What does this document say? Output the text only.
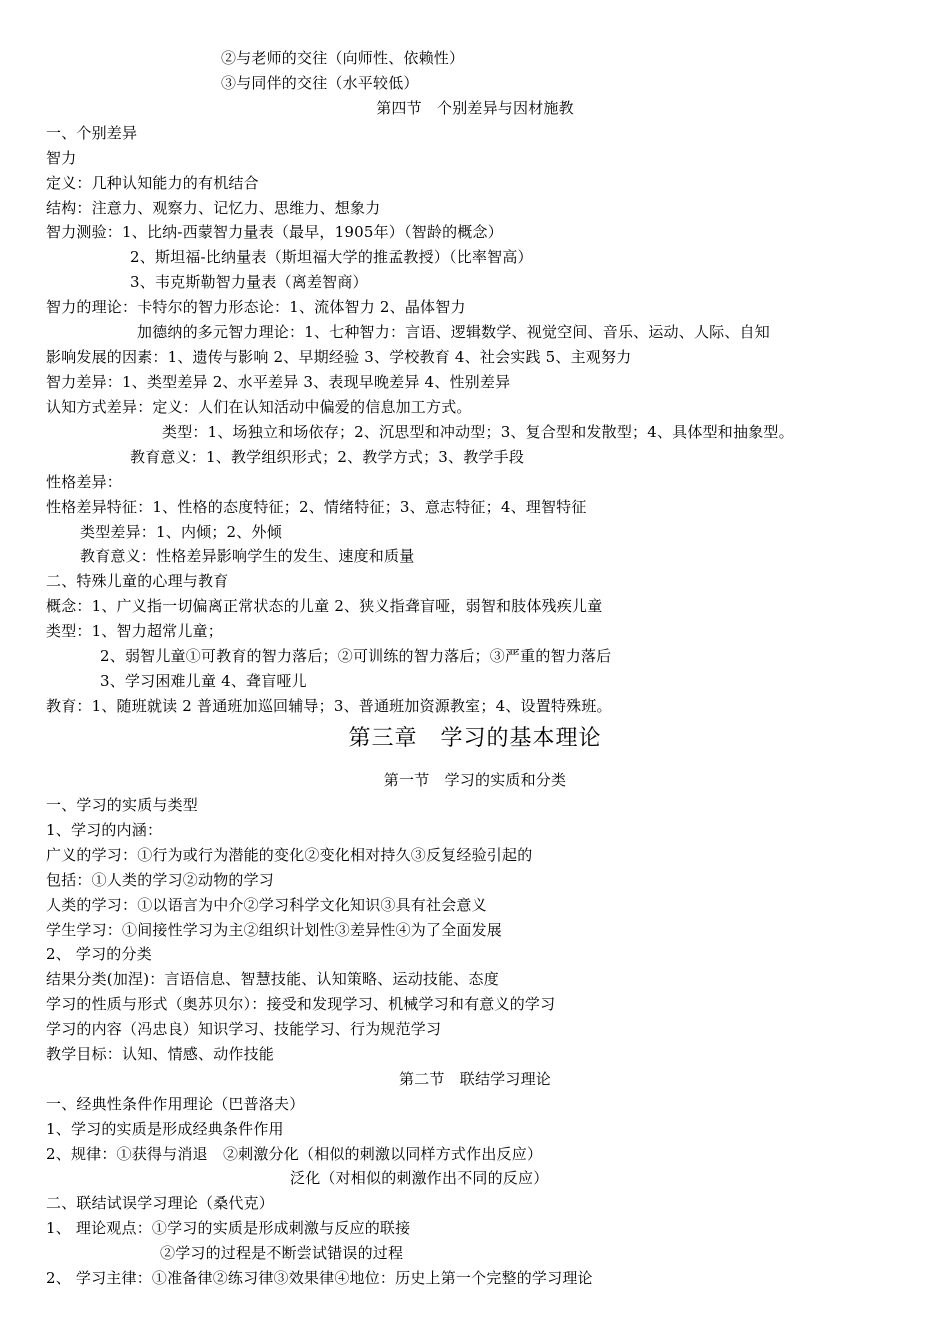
②与老师的交往（向师性、依赖性）
③与同伴的交往（水平较低）
第四节　个别差异与因材施教
一、个别差异
智力
定义：几种认知能力的有机结合
结构：注意力、观察力、记忆力、思维力、想象力
智力测验：1、比纳-西蒙智力量表（最早，1905年）（智龄的概念）
2、斯坦福-比纳量表（斯坦福大学的推孟教授）（比率智高）
3、韦克斯勒智力量表（离差智商）
智力的理论：卡特尔的智力形态论：1、流体智力 2、晶体智力
加德纳的多元智力理论：1、七种智力：言语、逻辑数学、视觉空间、音乐、运动、人际、自知
影响发展的因素：1、遗传与影响 2、早期经验 3、学校教育 4、社会实践 5、主观努力
智力差异：1、类型差异 2、水平差异 3、表现早晚差异 4、性别差异
认知方式差异：定义：人们在认知活动中偏爱的信息加工方式。
类型：1、场独立和场依存；2、沉思型和冲动型；3、复合型和发散型；4、具体型和抽象型。
教育意义：1、教学组织形式；2、教学方式；3、教学手段
性格差异：
性格差异特征：1、性格的态度特征；2、情绪特征；3、意志特征；4、理智特征
类型差异：1、内倾；2、外倾
教育意义：性格差异影响学生的发生、速度和质量
二、特殊儿童的心理与教育
概念：1、广义指一切偏离正常状态的儿童 2、狭义指聋盲哑，弱智和肢体残疾儿童
类型：1、智力超常儿童；
2、弱智儿童①可教育的智力落后；②可训练的智力落后；③严重的智力落后
3、学习困难儿童 4、聋盲哑儿
教育：1、随班就读 2 普通班加巡回辅导；3、普通班加资源教室；4、设置特殊班。
第三章　学习的基本理论
第一节　学习的实质和分类
一、学习的实质与类型
1、学习的内涵：
广义的学习：①行为或行为潜能的变化②变化相对持久③反复经验引起的
包括：①人类的学习②动物的学习
人类的学习：①以语言为中介②学习科学文化知识③具有社会意义
学生学习：①间接性学习为主②组织计划性③差异性④为了全面发展
2、 学习的分类
结果分类(加涅)：言语信息、智慧技能、认知策略、运动技能、态度
学习的性质与形式（奥苏贝尔）：接受和发现学习、机械学习和有意义的学习
学习的内容（冯忠良）知识学习、技能学习、行为规范学习
教学目标：认知、情感、动作技能
第二节　联结学习理论
一、经典性条件作用理论（巴普洛夫）
1、学习的实质是形成经典条件作用
2、规律：①获得与消退　②刺激分化（相似的刺激以同样方式作出反应）
泛化（对相似的刺激作出不同的反应）
二、联结试误学习理论（桑代克）
1、 理论观点：①学习的实质是形成刺激与反应的联接
②学习的过程是不断尝试错误的过程
2、 学习主律：①准备律②练习律③效果律④地位：历史上第一个完整的学习理论
